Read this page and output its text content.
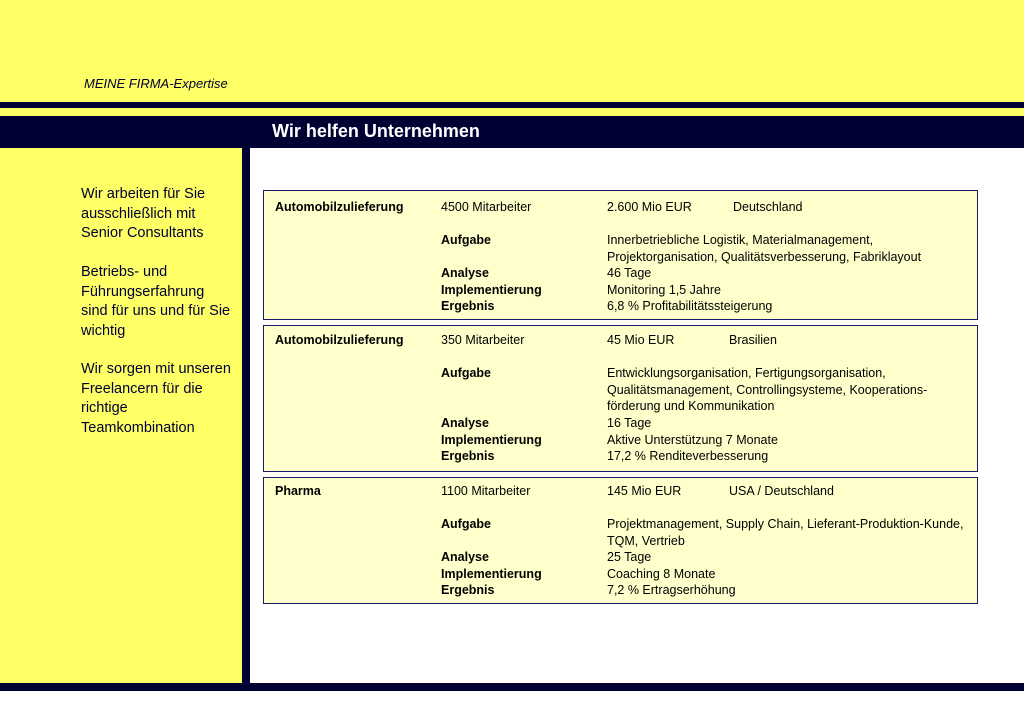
MEINE FIRMA-Expertise
Wir helfen Unternehmen
Wir arbeiten für Sie ausschließlich mit Senior Consultants
Betriebs- und Führungserfahrung sind für uns und für Sie wichtig
Wir sorgen mit unseren Freelancern für die richtige Teamkombination
Automobilzulieferung	4500 Mitarbeiter	2.600 Mio EUR	Deutschland
Aufgabe	Innerbetriebliche Logistik, Materialmanagement, Projektorganisation, Qualitätsverbesserung, Fabriklayout
Analyse	46 Tage
Implementierung	Monitoring 1,5 Jahre
Ergebnis	6,8 % Profitabilitätssteigerung
Automobilzulieferung	350 Mitarbeiter	45 Mio EUR	Brasilien
Aufgabe	Entwicklungsorganisation, Fertigungsorganisation, Qualitätsmanagement, Controllingsysteme, Kooperations-förderung und Kommunikation
Analyse	16 Tage
Implementierung	Aktive Unterstützung 7 Monate
Ergebnis	17,2 % Renditeverbesserung
Pharma	1100 Mitarbeiter	145 Mio EUR	USA / Deutschland
Aufgabe	Projektmanagement, Supply Chain, Lieferant-Produktion-Kunde, TQM, Vertrieb
Analyse	25 Tage
Implementierung	Coaching 8 Monate
Ergebnis	7,2 % Ertragserhöhung
